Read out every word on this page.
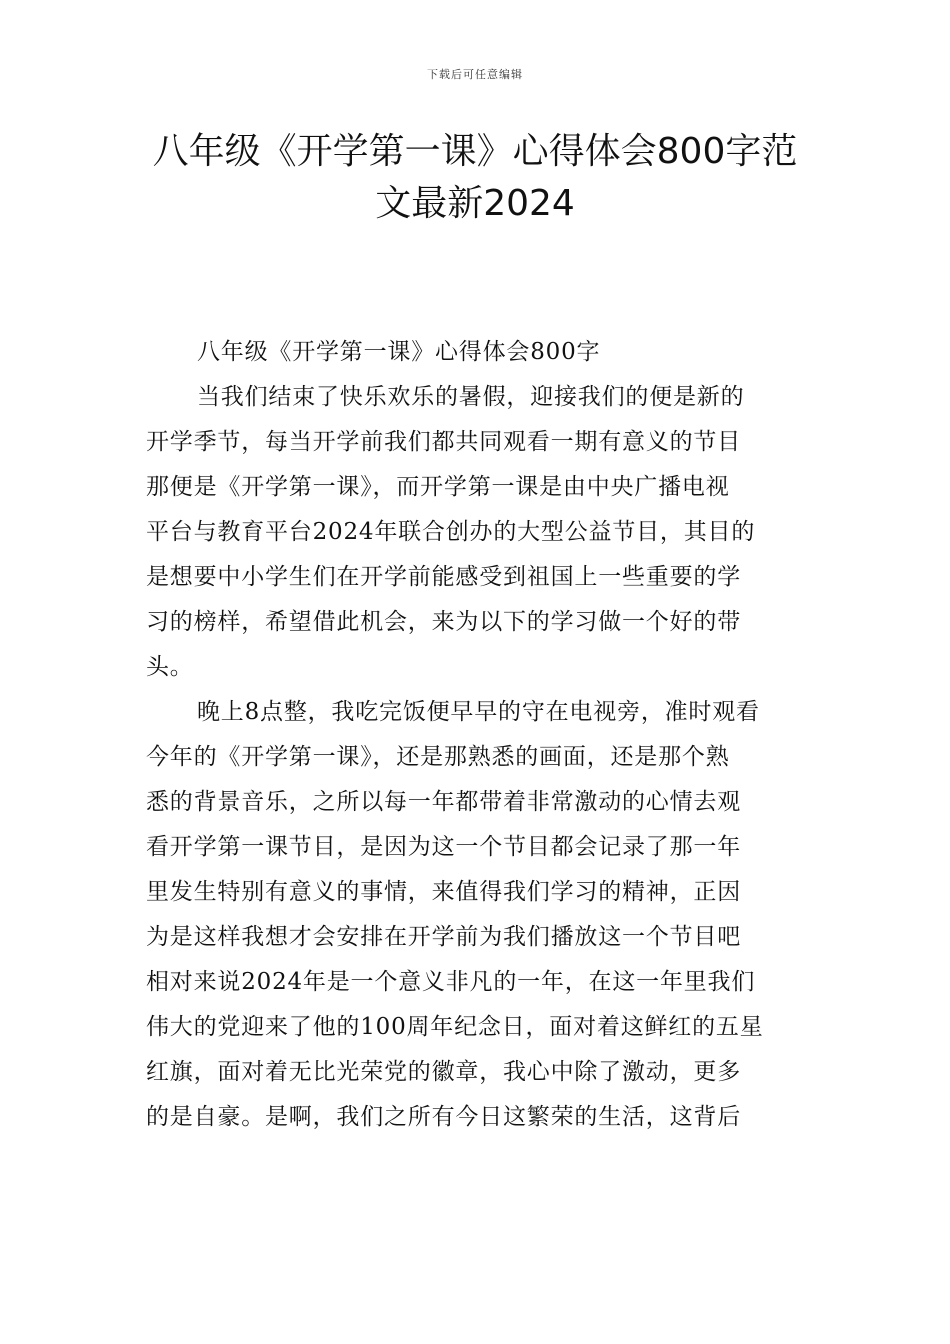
下载后可任意编辑
八年级《开学第一课》心得体会800字范
文最新2024
八年级《开学第一课》心得体会800字
当我们结束了快乐欢乐的暑假，迎接我们的便是新的
开学季节，每当开学前我们都共同观看一期有意义的节目
那便是《开学第一课》，而开学第一课是由中央广播电视
平台与教育平台2024年联合创办的大型公益节目，其目的
是想要中小学生们在开学前能感受到祖国上一些重要的学
习的榜样，希望借此机会，来为以下的学习做一个好的带
头。
晚上8点整，我吃完饭便早早的守在电视旁，准时观看
今年的《开学第一课》，还是那熟悉的画面，还是那个熟
悉的背景音乐，之所以每一年都带着非常激动的心情去观
看开学第一课节目，是因为这一个节目都会记录了那一年
里发生特别有意义的事情，来值得我们学习的精神，正因
为是这样我想才会安排在开学前为我们播放这一个节目吧
相对来说2024年是一个意义非凡的一年，在这一年里我们
伟大的党迎来了他的100周年纪念日，面对着这鲜红的五星
红旗，面对着无比光荣党的徽章，我心中除了激动，更多
的是自豪。是啊，我们之所有今日这繁荣的生活，这背后
